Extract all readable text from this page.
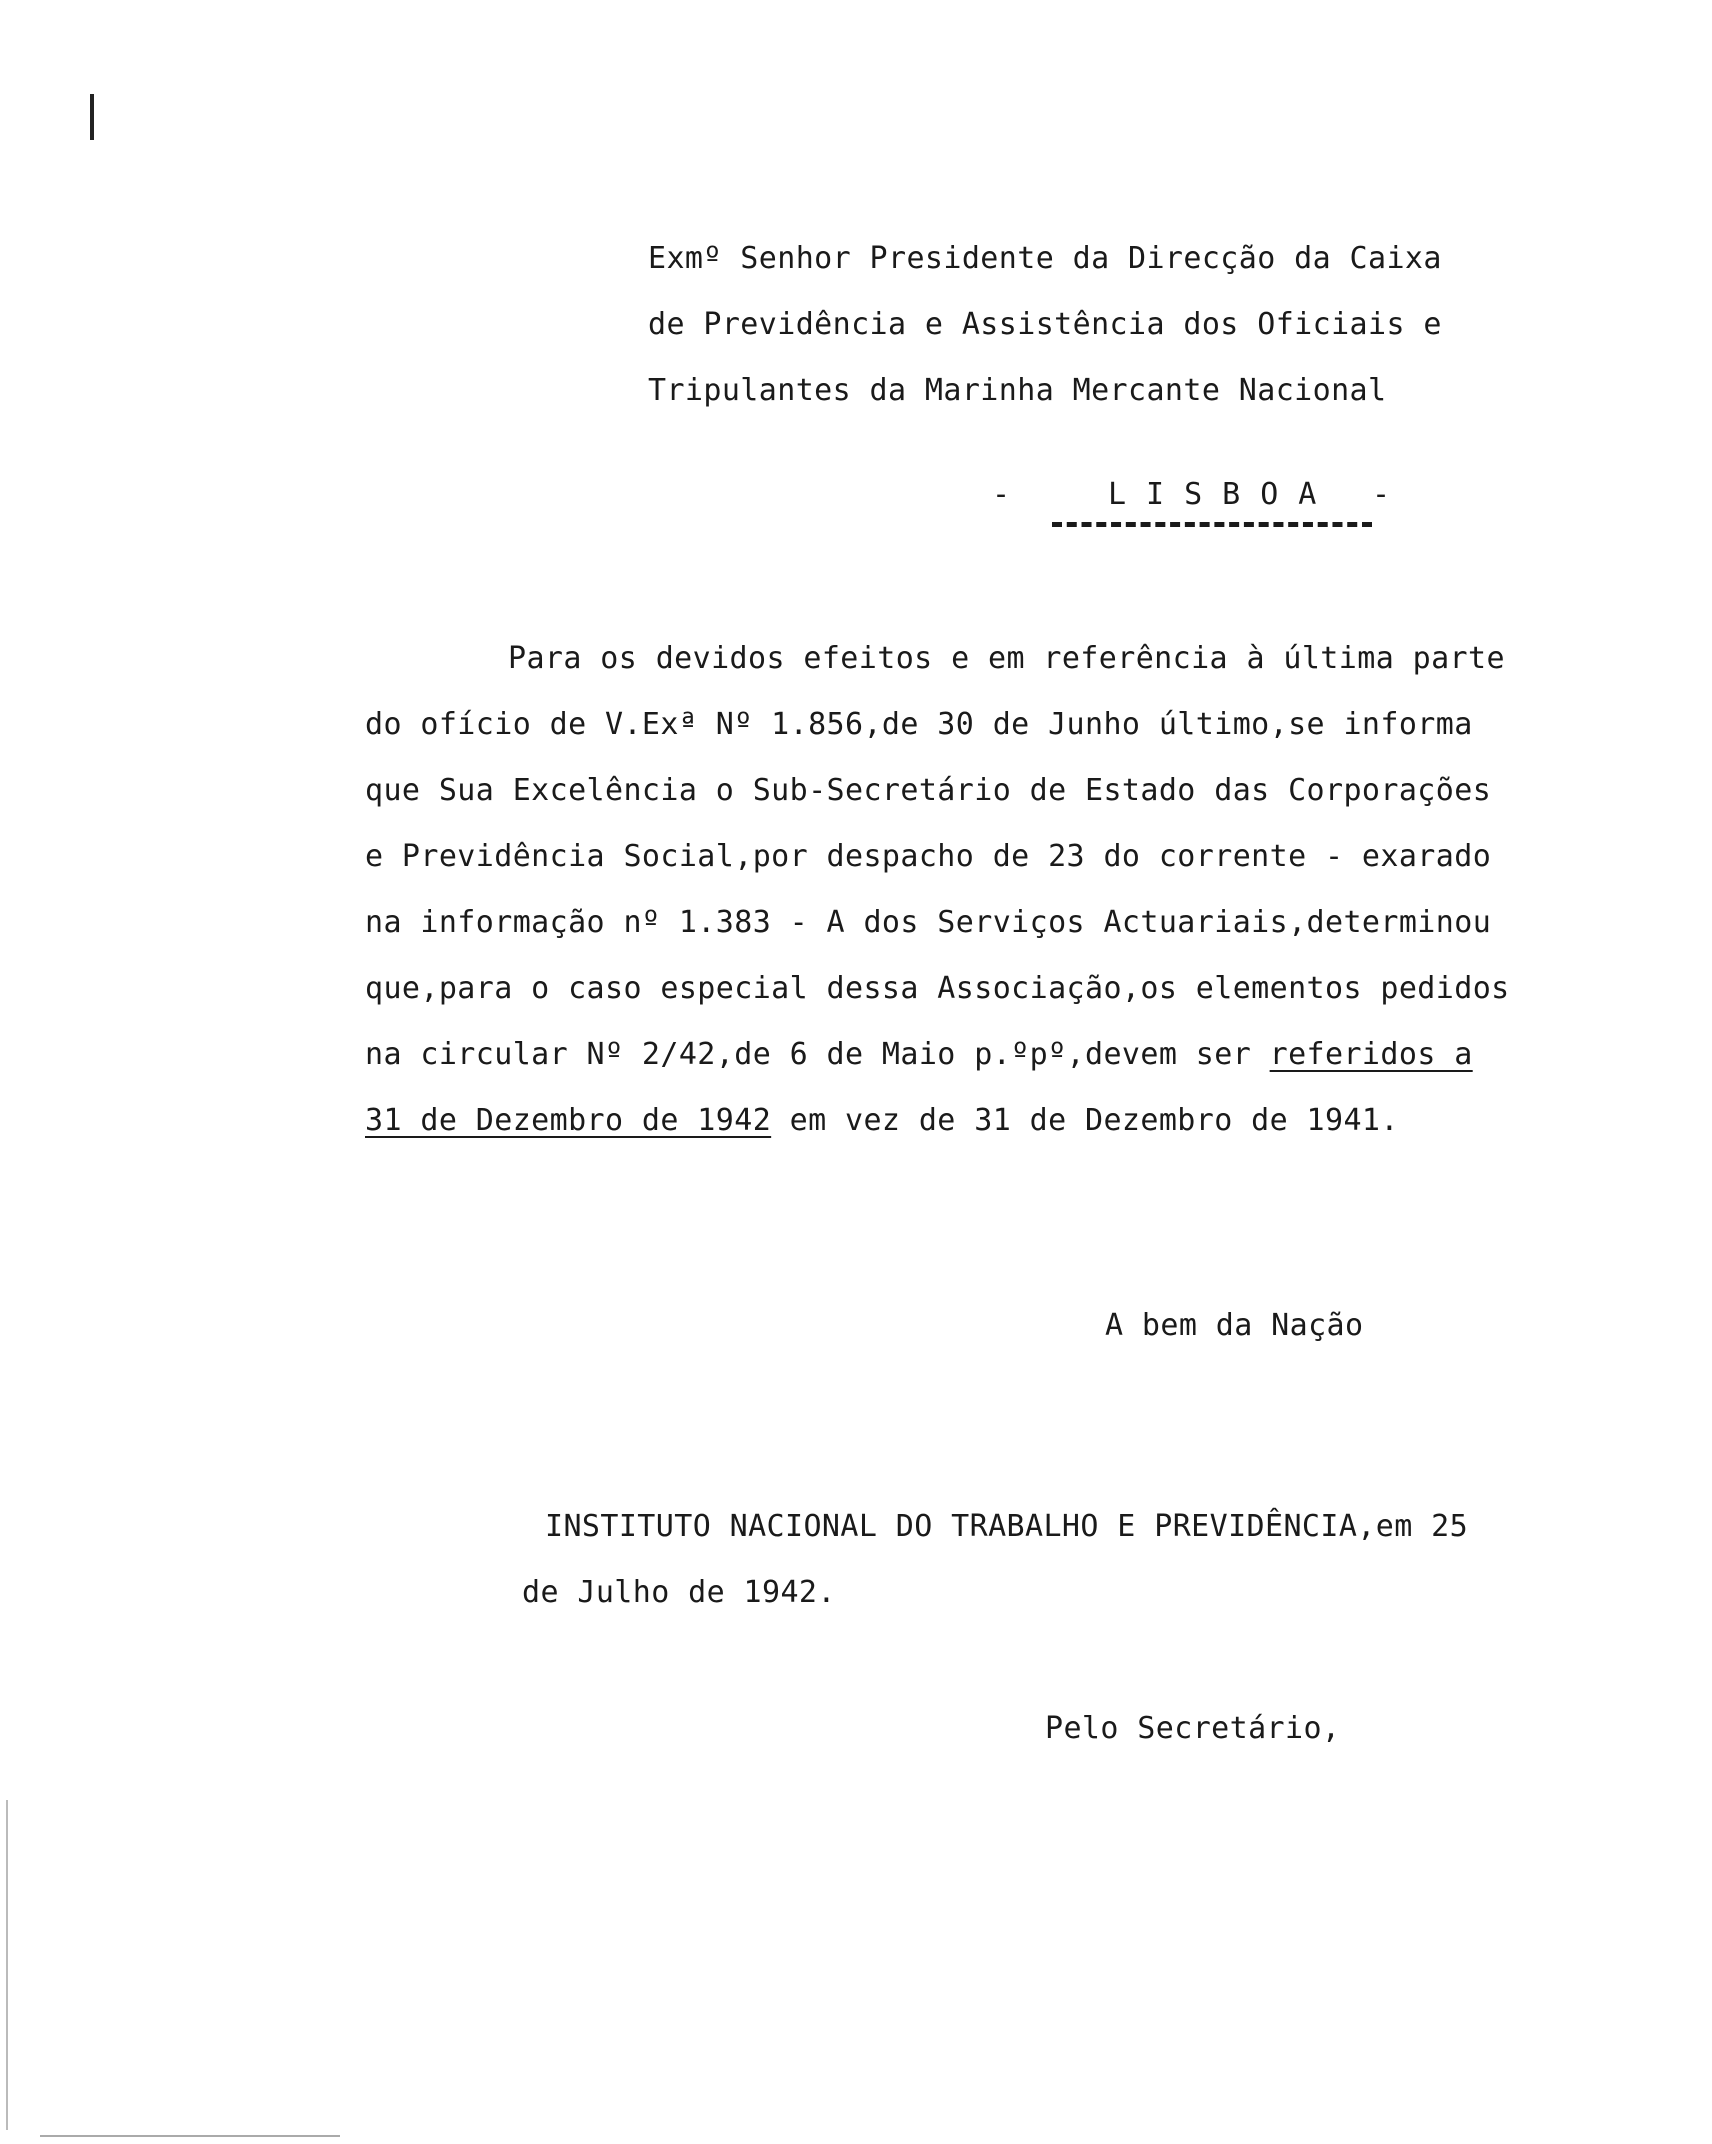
Exmº Senhor Presidente da Direcção da Caixa
de Previdência e Assistência dos Oficiais e
Tripulantes da Marinha Mercante Nacional
-	LISBOA -
Para os devidos efeitos e em referência à última parte
do ofício de V.Exª Nº 1.856,de 30 de Junho último,se informa
que Sua Excelência o Sub-Secretário de Estado das Corporações
e Previdência Social,por despacho de 23 do corrente - exarado
na informação nº 1.383 - A dos Serviços Actuariais,determinou
que,para o caso especial dessa Associação,os elementos pedidos
na circular Nº 2/42,de 6 de Maio p.ºpº,devem ser referidos a
31 de Dezembro de 1942 em vez de 31 de Dezembro de 1941.
A bem da Nação
INSTITUTO NACIONAL DO TRABALHO E PREVIDÊNCIA,em 25
de Julho de 1942.
Pelo Secretário,
